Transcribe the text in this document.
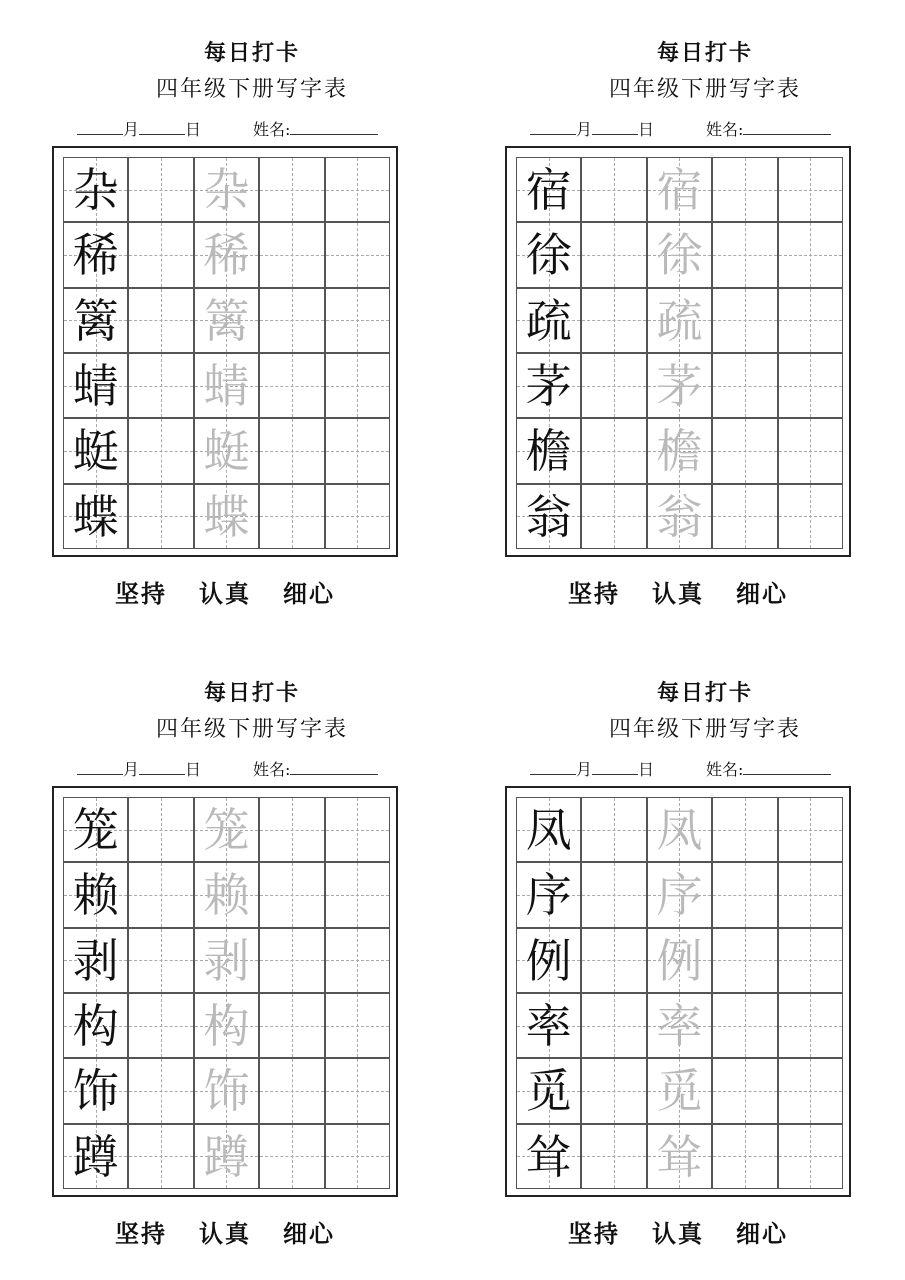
每日打卡
四年级下册写字表
月	日	姓名:
杂 杂
稀 稀
篱 篱
蜻 蜻
蜓 蜓
蝶 蝶
坚持 认真 细心
每日打卡
四年级下册写字表
月	日	姓名:
宿 宿
徐 徐
疏 疏
茅 茅
檐 檐
翁 翁
坚持 认真 细心
每日打卡
四年级下册写字表
月	日	姓名:
笼 笼
赖 赖
剥 剥
构 构
饰 饰
蹲 蹲
坚持 认真 细心
每日打卡
四年级下册写字表
月	日	姓名:
凤 凤
序 序
例 例
率 率
觅 觅
耸 耸
坚持 认真 细心
